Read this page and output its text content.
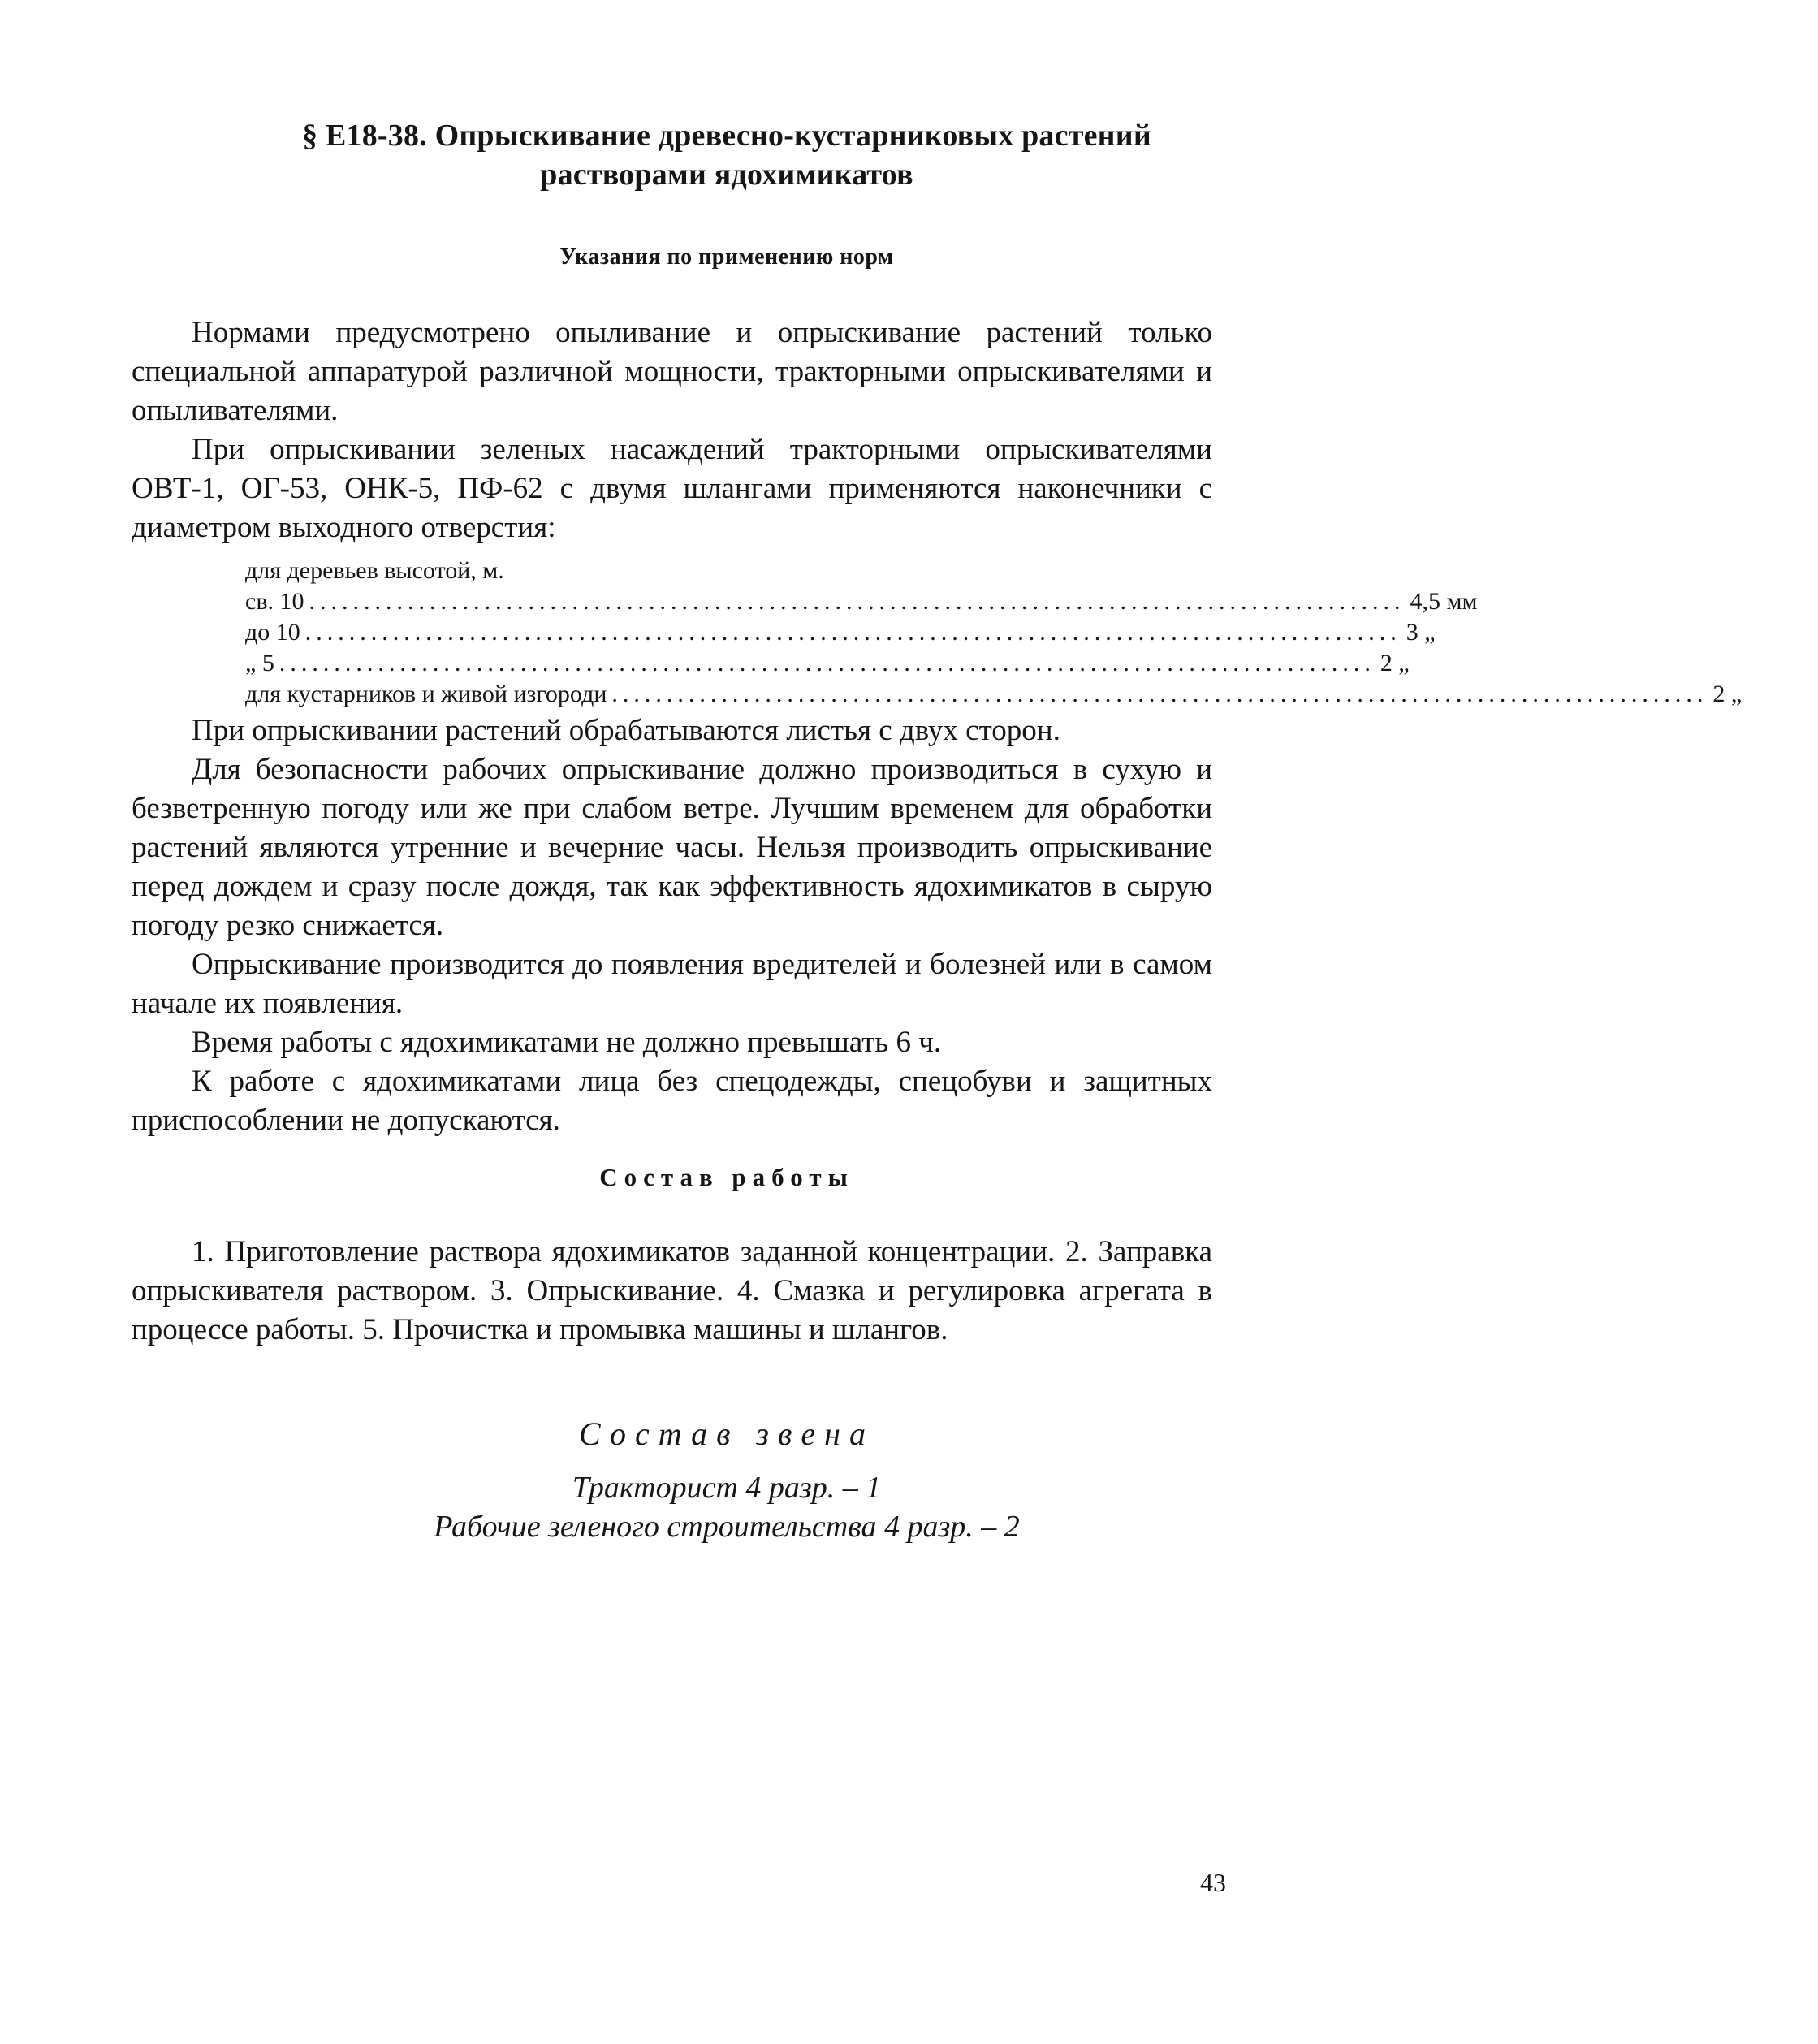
§ Е18-38. Опрыскивание древесно-кустарниковых растений
растворами ядохимикатов
Указания по применению норм

Нормами предусмотрено опыливание и опрыскивание растений только специальной аппаратурой различной мощности, тракторными опрыскивателями и опыливателями.

При опрыскивании зеленых насаждений тракторными опрыскивателями ОВТ-1, ОГ-53, ОНК-5, ПФ-62 с двумя шлангами применяются наконечники с диаметром выходного отверстия:

для деревьев высотой, м.
св. 10 .................................................................................................... 4,5 мм
до 10 .................................................................................................... 3 „
„ 5 .................................................................................................... 2 „
для кустарников и живой изгороди .................................................................................................... 2 „

При опрыскивании растений обрабатываются листья с двух сторон.

Для безопасности рабочих опрыскивание должно производиться в сухую и безветренную погоду или же при слабом ветре. Лучшим временем для обработки растений являются утренние и вечерние часы. Нельзя производить опрыскивание перед дождем и сразу после дождя, так как эффективность ядохимикатов в сырую погоду резко снижается.

Опрыскивание производится до появления вредителей и болезней или в самом начале их появления.

Время работы с ядохимикатами не должно превышать 6 ч.

К работе с ядохимикатами лица без спецодежды, спецобуви и защитных приспособлении не допускаются.

Состав работы

1. Приготовление раствора ядохимикатов заданной концентрации. 2. Заправка опрыскивателя раствором. 3. Опрыскивание. 4. Смазка и регулировка агрегата в процессе работы. 5. Прочистка и промывка машины и шлангов.

Состав звена
Тракторист 4 разр. – 1
Рабочие зеленого строительства 4 разр. – 2
43
